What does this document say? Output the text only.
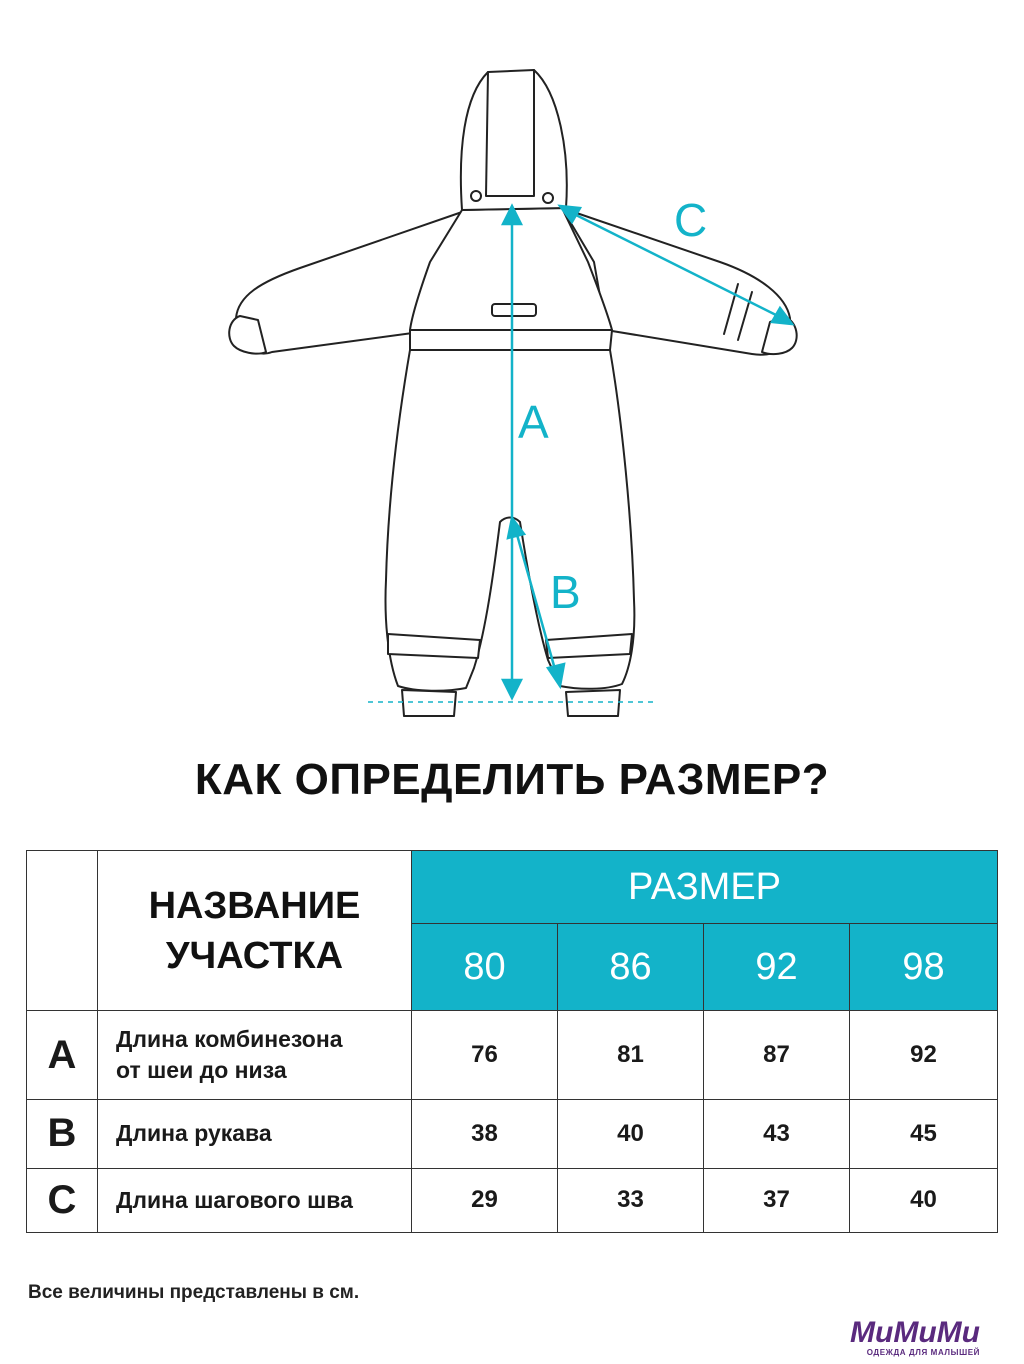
A
B
C
КАК ОПРЕДЕЛИТЬ РАЗМЕР?

	НАЗВАНИЕ
УЧАСТКА	РАЗМЕР			
		80	86	92	98
A	Длина комбинезона
от шеи до низа	76	81	87	92
B	Длина рукава	38	40	43	45
C	Длина шагового шва	29	33	37	40
Все величины представлены в см.
МиМиМи
ОДЕЖДА ДЛЯ МАЛЫШЕЙ
